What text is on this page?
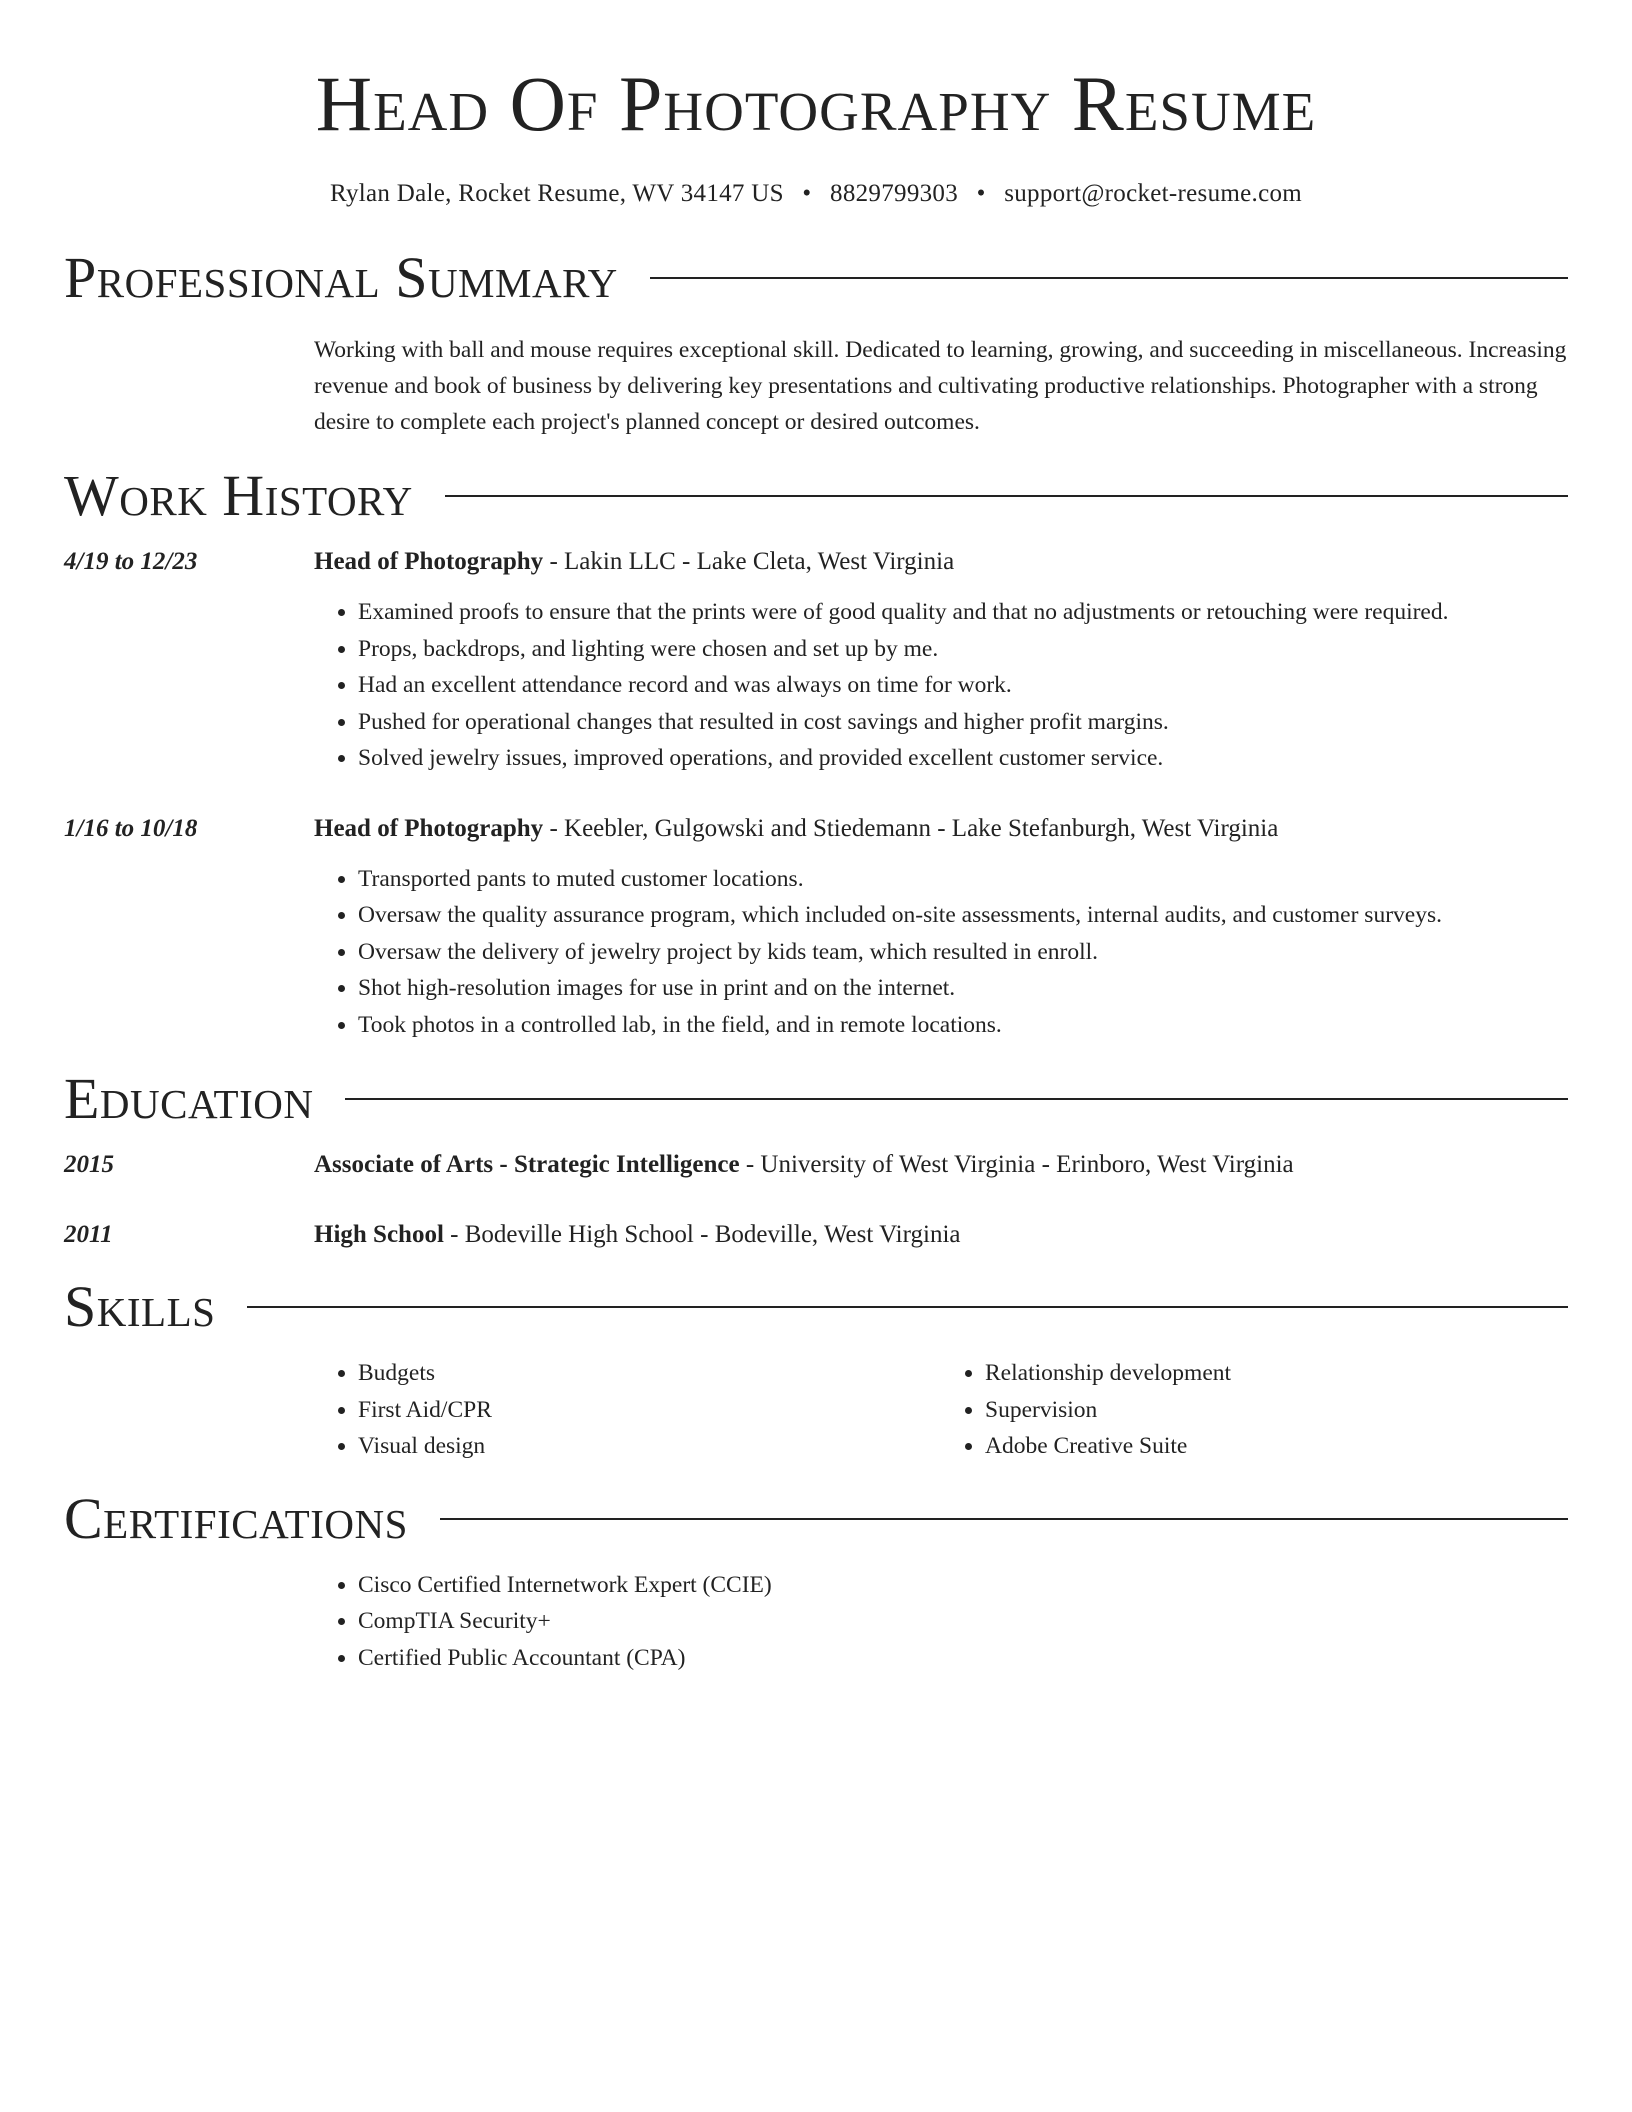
Head Of Photography Resume
Rylan Dale, Rocket Resume, WV 34147 US • 8829799303 • support@rocket-resume.com
Professional Summary
Working with ball and mouse requires exceptional skill. Dedicated to learning, growing, and succeeding in miscellaneous. Increasing revenue and book of business by delivering key presentations and cultivating productive relationships. Photographer with a strong desire to complete each project's planned concept or desired outcomes.
Work History
4/19 to 12/23	Head of Photography - Lakin LLC - Lake Cleta, West Virginia
• Examined proofs to ensure that the prints were of good quality and that no adjustments or retouching were required.
• Props, backdrops, and lighting were chosen and set up by me.
• Had an excellent attendance record and was always on time for work.
• Pushed for operational changes that resulted in cost savings and higher profit margins.
• Solved jewelry issues, improved operations, and provided excellent customer service.
1/16 to 10/18	Head of Photography - Keebler, Gulgowski and Stiedemann - Lake Stefanburgh, West Virginia
• Transported pants to muted customer locations.
• Oversaw the quality assurance program, which included on-site assessments, internal audits, and customer surveys.
• Oversaw the delivery of jewelry project by kids team, which resulted in enroll.
• Shot high-resolution images for use in print and on the internet.
• Took photos in a controlled lab, in the field, and in remote locations.
Education
2015	Associate of Arts - Strategic Intelligence - University of West Virginia - Erinboro, West Virginia
2011	High School - Bodeville High School - Bodeville, West Virginia
Skills
• Budgets
• First Aid/CPR
• Visual design
• Relationship development
• Supervision
• Adobe Creative Suite
Certifications
• Cisco Certified Internetwork Expert (CCIE)
• CompTIA Security+
• Certified Public Accountant (CPA)
